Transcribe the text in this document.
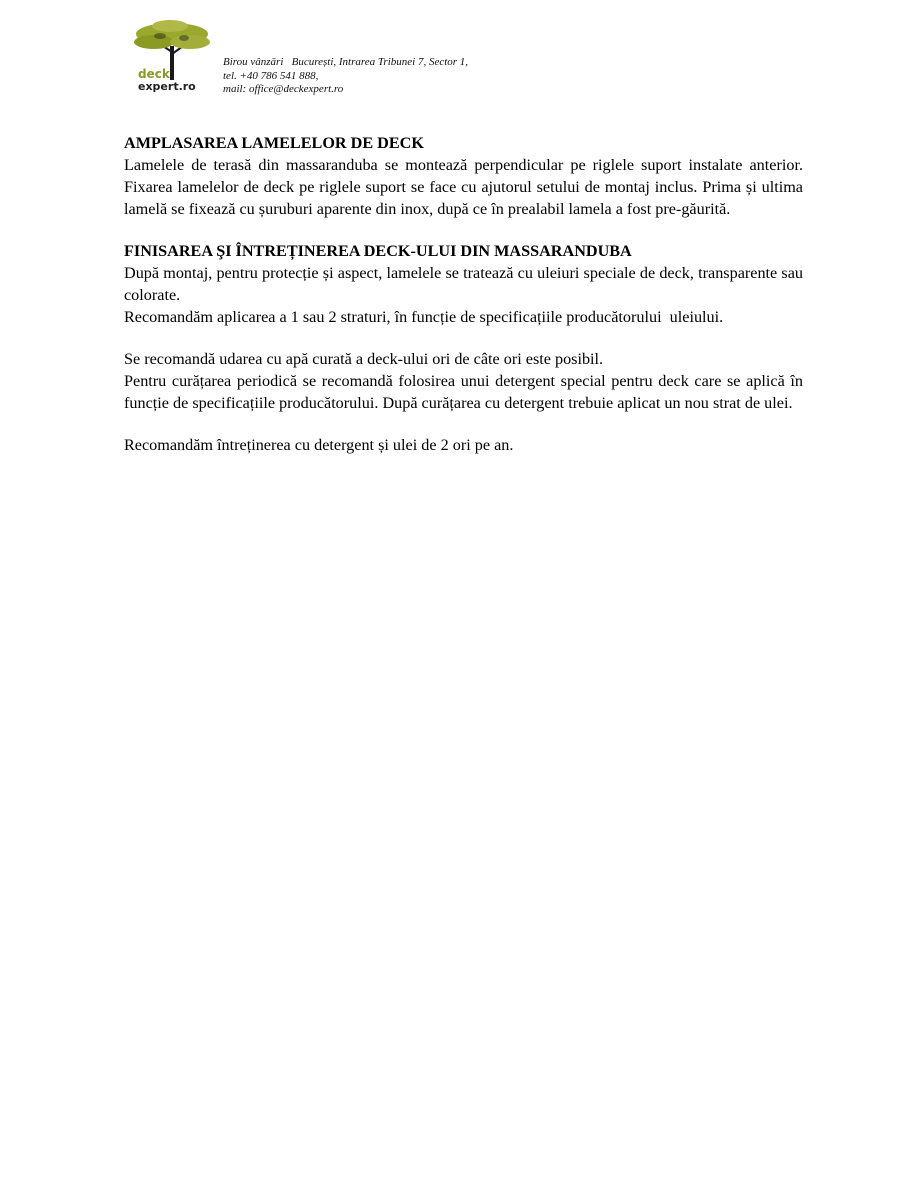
deck
expert.ro
Birou vânzări   București, Intrarea Tribunei 7, Sector 1,
tel. +40 786 541 888,
mail: office@deckexpert.ro
AMPLASAREA LAMELELOR DE DECK

Lamelele de terasă din massaranduba se montează perpendicular pe riglele suport instalate anterior. Fixarea lamelelor de deck pe riglele suport se face cu ajutorul setului de montaj inclus. Prima și ultima lamelă se fixează cu șuruburi aparente din inox, după ce în prealabil lamela a fost pre-găurită.

FINISAREA ŞI ÎNTREȚINEREA DECK-ULUI DIN MASSARANDUBA

După montaj, pentru protecție și aspect, lamelele se tratează cu uleiuri speciale de deck, transparente sau colorate.

Recomandăm aplicarea a 1 sau 2 straturi, în funcție de specificațiile producătorului  uleiului.

Se recomandă udarea cu apă curată a deck-ului ori de câte ori este posibil.

Pentru curățarea periodică se recomandă folosirea unui detergent special pentru deck care se aplică în funcție de specificațiile producătorului. După curățarea cu detergent trebuie aplicat un nou strat de ulei.

Recomandăm întreținerea cu detergent și ulei de 2 ori pe an.
